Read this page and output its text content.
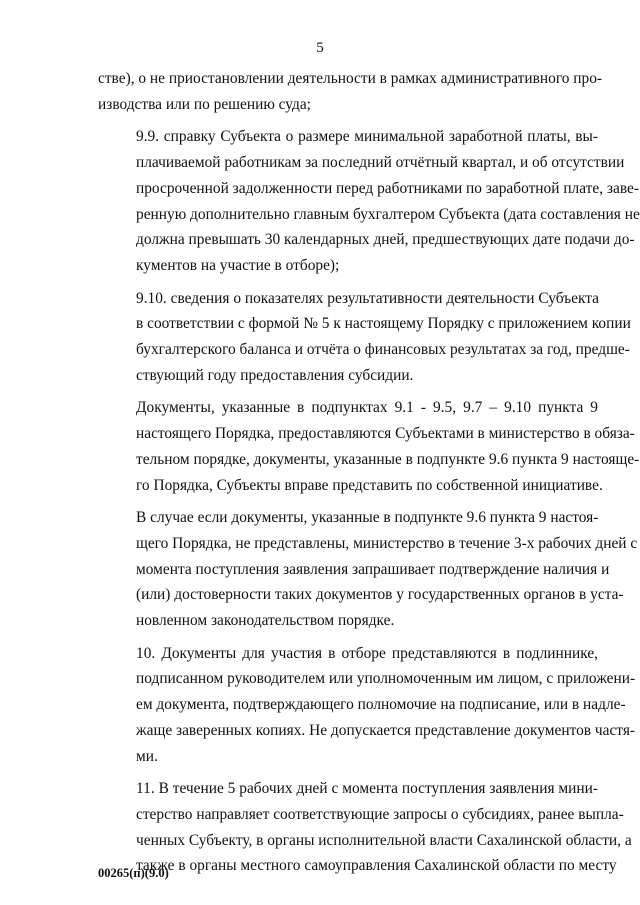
5

стве), о не приостановлении деятельности в рамках административного про-
изводства или по решению суда;

9.9. справку Субъекта о размере минимальной заработной платы, вы-
плачиваемой работникам за последний отчётный квартал, и об отсутствии
просроченной задолженности перед работниками по заработной плате, заве-
ренную дополнительно главным бухгалтером Субъекта (дата составления не
должна превышать 30 календарных дней, предшествующих дате подачи до-
кументов на участие в отборе);

9.10. сведения о показателях результативности деятельности Субъекта
в соответствии с формой № 5 к настоящему Порядку с приложением копии
бухгалтерского баланса и отчёта о финансовых результатах за год, предше-
ствующий году предоставления субсидии.

Документы, указанные в подпунктах 9.1 - 9.5, 9.7 – 9.10 пункта 9
настоящего Порядка, предоставляются Субъектами в министерство в обяза-
тельном порядке, документы, указанные в подпункте 9.6 пункта 9 настояще-
го Порядка, Субъекты вправе представить по собственной инициативе.

В случае если документы, указанные в подпункте 9.6 пункта 9 настоя-
щего Порядка, не представлены, министерство в течение 3-х рабочих дней с
момента поступления заявления запрашивает подтверждение наличия и
(или) достоверности таких документов у государственных органов в уста-
новленном законодательством порядке.

10. Документы для участия в отборе представляются в подлиннике,
подписанном руководителем или уполномоченным им лицом, с приложени-
ем документа, подтверждающего полномочие на подписание, или в надле-
жаще заверенных копиях. Не допускается представление документов частя-
ми.

11. В течение 5 рабочих дней с момента поступления заявления мини-
стерство направляет соответствующие запросы о субсидиях, ранее выпла-
ченных Субъекту, в органы исполнительной власти Сахалинской области, а
также в органы местного самоуправления Сахалинской области по месту

00265(п)(9.0)
